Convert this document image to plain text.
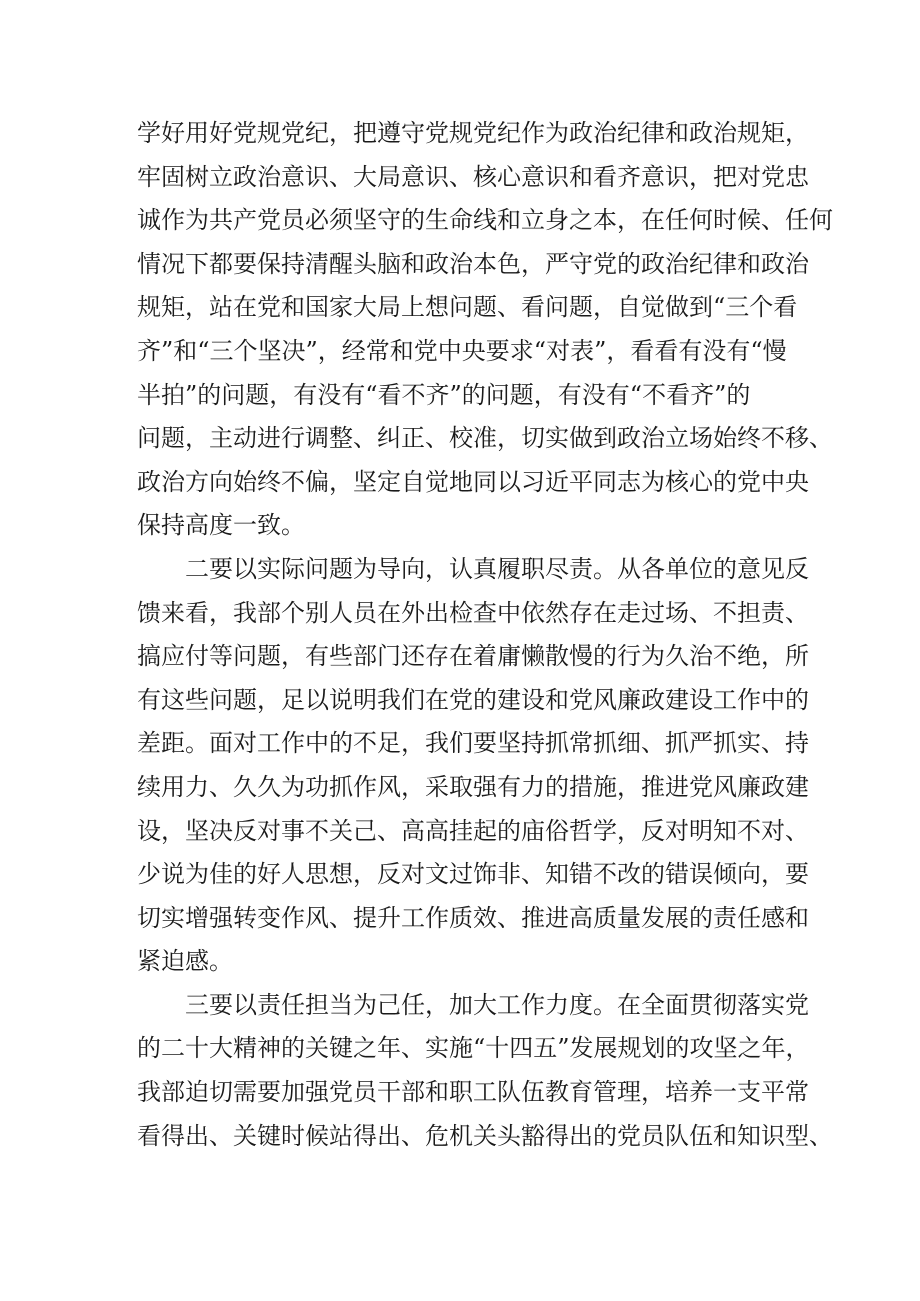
学好用好党规党纪，把遵守党规党纪作为政治纪律和政治规矩，
牢固树立政治意识、大局意识、核心意识和看齐意识，把对党忠
诚作为共产党员必须坚守的生命线和立身之本，在任何时候、任何
情况下都要保持清醒头脑和政治本色，严守党的政治纪律和政治
规矩，站在党和国家大局上想问题、看问题，自觉做到“三个看
齐”和“三个坚决”，经常和党中央要求“对表”，看看有没有“慢
半拍”的问题，有没有“看不齐”的问题，有没有“不看齐”的
问题，主动进行调整、纠正、校准，切实做到政治立场始终不移、
政治方向始终不偏，坚定自觉地同以习近平同志为核心的党中央
保持高度一致。
二要以实际问题为导向，认真履职尽责。从各单位的意见反
馈来看，我部个别人员在外出检查中依然存在走过场、不担责、
搞应付等问题，有些部门还存在着庸懒散慢的行为久治不绝，所
有这些问题，足以说明我们在党的建设和党风廉政建设工作中的
差距。面对工作中的不足，我们要坚持抓常抓细、抓严抓实、持
续用力、久久为功抓作风，采取强有力的措施，推进党风廉政建
设，坚决反对事不关己、高高挂起的庙俗哲学，反对明知不对、
少说为佳的好人思想，反对文过饰非、知错不改的错误倾向，要
切实增强转变作风、提升工作质效、推进高质量发展的责任感和
紧迫感。
三要以责任担当为己任，加大工作力度。在全面贯彻落实党
的二十大精神的关键之年、实施“十四五”发展规划的攻坚之年，
我部迫切需要加强党员干部和职工队伍教育管理，培养一支平常
看得出、关键时候站得出、危机关头豁得出的党员队伍和知识型、
